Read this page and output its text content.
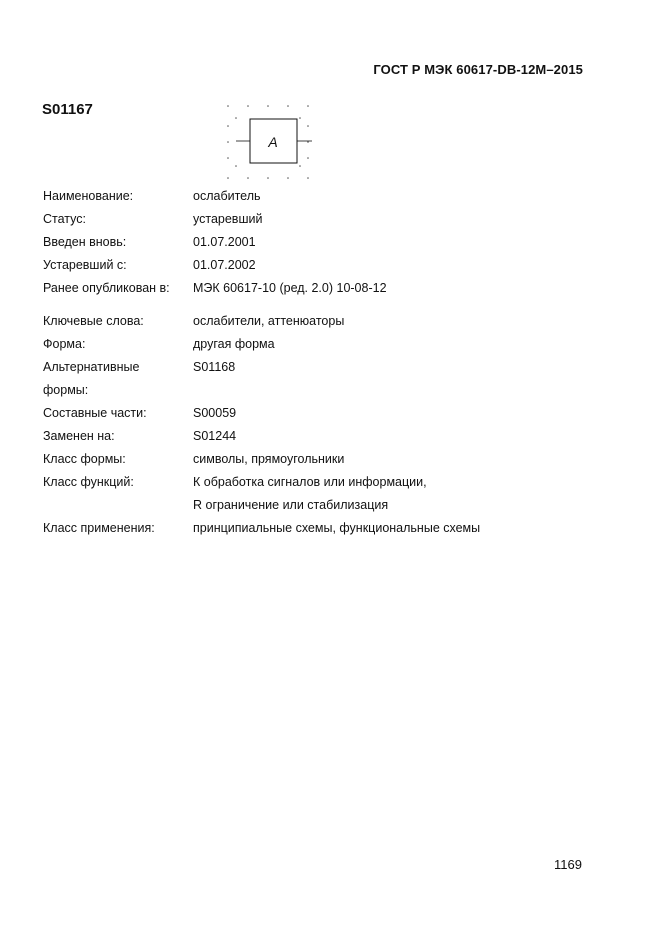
ГОСТ Р МЭК 60617-DB-12M–2015
S01167
A
Наименование:	ослабитель
Статус:	устаревший
Введен вновь:	01.07.2001
Устаревший с:	01.07.2002
Ранее опубликован в:	МЭК 60617-10 (ред. 2.0) 10-08-12
Ключевые слова:	ослабители, аттенюаторы
Форма:	другая форма
Альтернативные	S01168
формы:
Составные части:	S00059
Заменен на:	S01244
Класс формы:	символы, прямоугольники
Класс функций:	К обработка сигналов или информации,
R ограничение или стабилизация
Класс применения:	принципиальные схемы, функциональные схемы
1169
